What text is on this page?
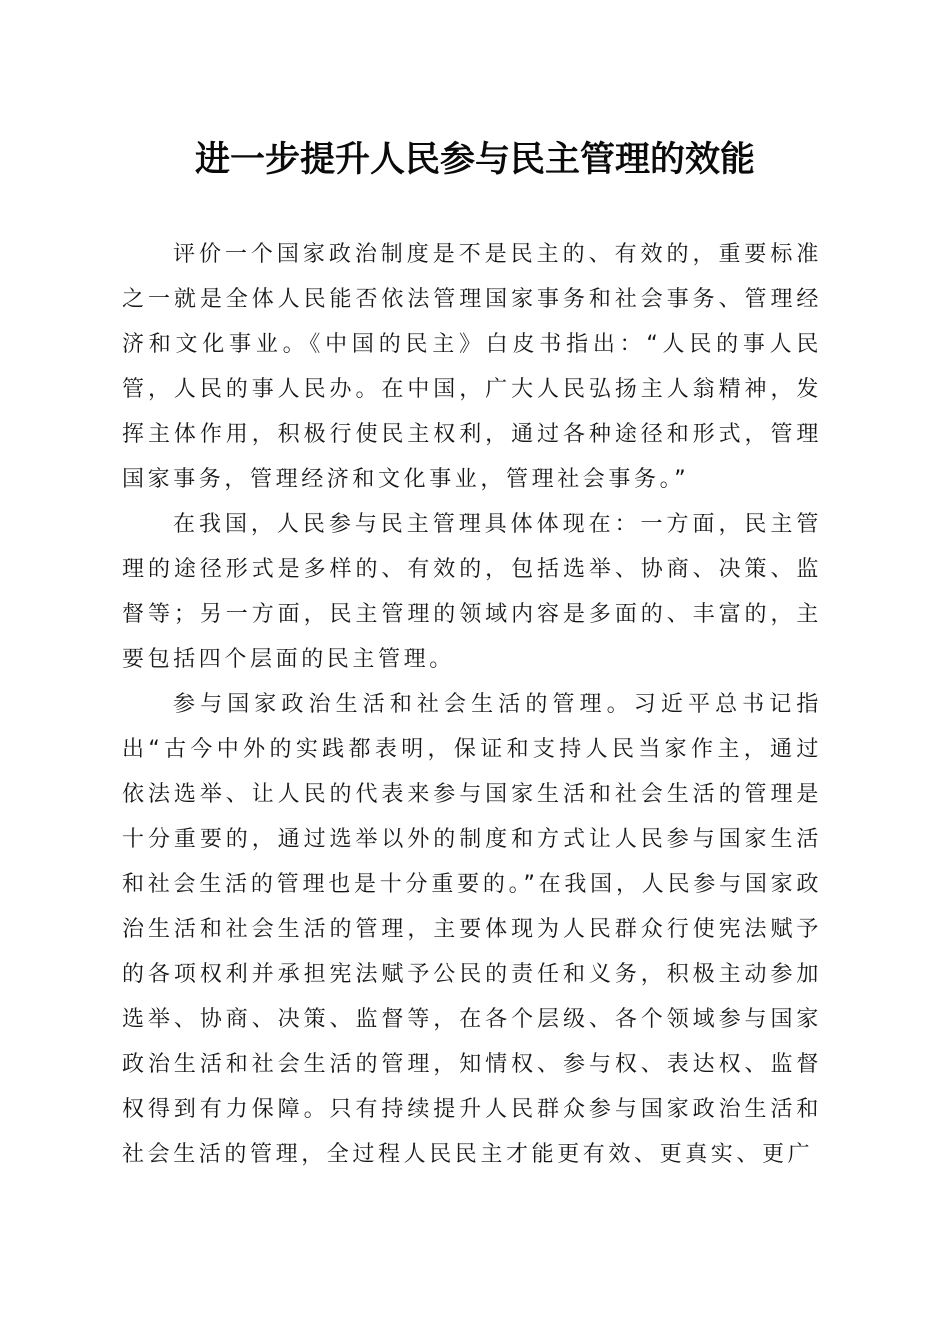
进一步提升人民参与民主管理的效能

评价一个国家政治制度是不是民主的、有效的，重要标准之一就是全体人民能否依法管理国家事务和社会事务、管理经济和文化事业。《中国的民主》白皮书指出：“人民的事人民管，人民的事人民办。在中国，广大人民弘扬主人翁精神，发挥主体作用，积极行使民主权利，通过各种途径和形式，管理国家事务，管理经济和文化事业，管理社会事务。”

在我国，人民参与民主管理具体体现在：一方面，民主管理的途径形式是多样的、有效的，包括选举、协商、决策、监督等；另一方面，民主管理的领域内容是多面的、丰富的，主要包括四个层面的民主管理。

参与国家政治生活和社会生活的管理。习近平总书记指出“古今中外的实践都表明，保证和支持人民当家作主，通过依法选举、让人民的代表来参与国家生活和社会生活的管理是十分重要的，通过选举以外的制度和方式让人民参与国家生活和社会生活的管理也是十分重要的。”在我国，人民参与国家政治生活和社会生活的管理，主要体现为人民群众行使宪法赋予的各项权利并承担宪法赋予公民的责任和义务，积极主动参加选举、协商、决策、监督等，在各个层级、各个领域参与国家政治生活和社会生活的管理，知情权、参与权、表达权、监督权得到有力保障。只有持续提升人民群众参与国家政治生活和社会生活的管理，全过程人民民主才能更有效、更真实、更广
